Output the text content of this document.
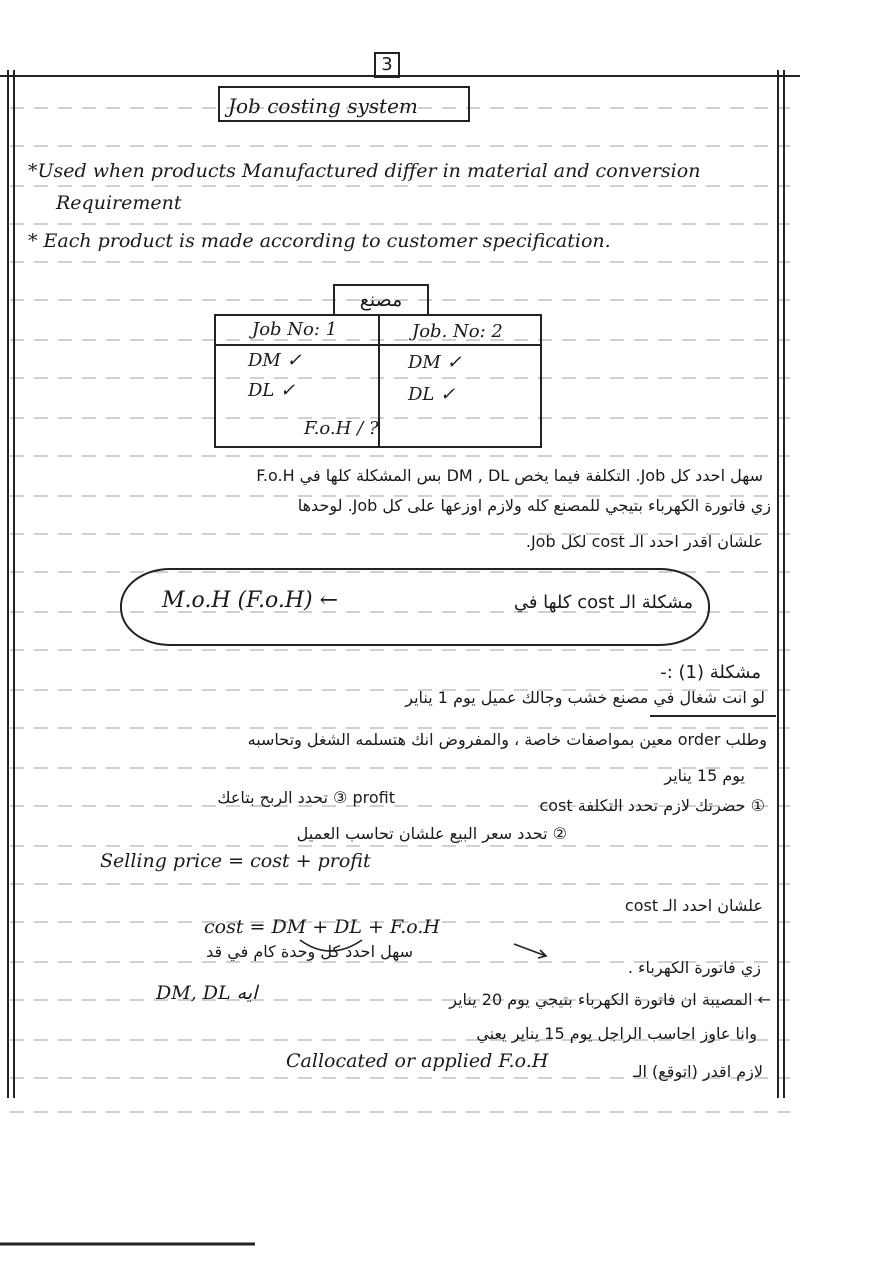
3
Job costing system
*Used when products Manufactured differ in material and conversion
Requirement
* Each product is made according to customer specification.
مصنع
Job No: 1	Job. No: 2
DM ✓	DM ✓
DL ✓	DL ✓
F.o.H / ?
سهل احدد كل Job. التكلفة فيما يخص DM , DL بس المشكلة كلها في F.o.H
زي فاتورة الكهرباء بتيجي للمصنع كله ولازم اوزعها على كل Job. لوحدها
علشان اقدر احدد الـ cost لكل Job.
M.o.H (F.o.H) ←	مشكلة الـ cost كلها في
مشكلة (1) :-
لو انت شغال في مصنع خشب وجالك عميل يوم 1 يناير
وطلب order معين بمواصفات خاصة ، والمفروض انك هتسلمه الشغل وتحاسبه
يوم 15 يناير
profit ③ تحدد الربح بتاعك	① حضرتك لازم تحدد التكلفة cost
② تحدد سعر البيع علشان تحاسب العميل
Selling price = cost + profit
علشان احدد الـ cost
cost = DM + DL + F.o.H
سهل احدد كل وحدة كام في قد
زي فاتورة الكهرباء .
DM, DL ايه	← المصيبة ان فاتورة الكهرباء بتيجي يوم 20 يناير
وانا عاوز احاسب الراجل يوم 15 يناير يعني
Callocated or applied F.o.H	لازم اقدر (اتوقع) الـ
